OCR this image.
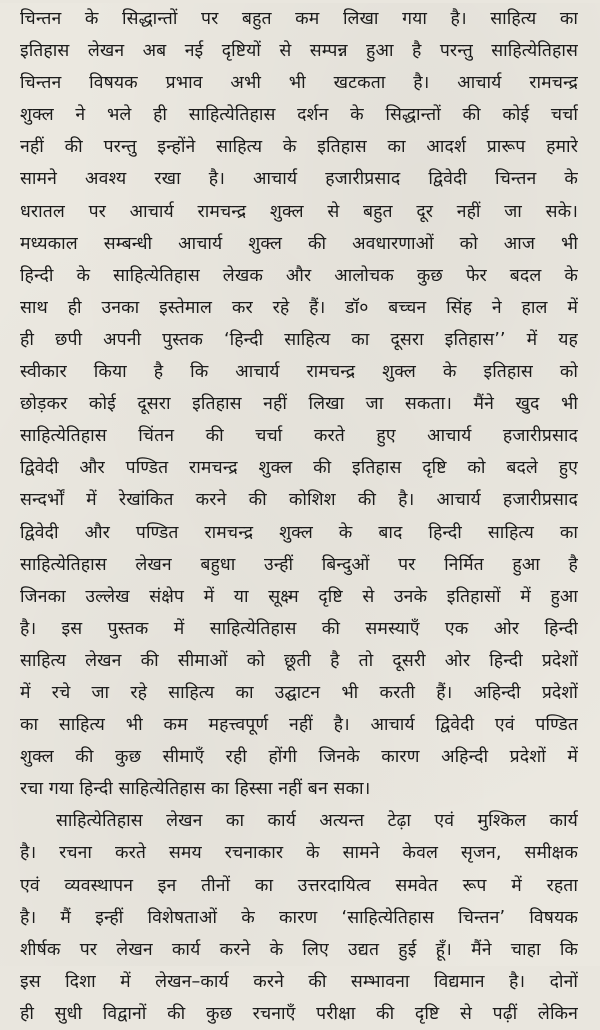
चिन्तन के सिद्धान्तों पर बहुत कम लिखा गया है। साहित्य का
इतिहास लेखन अब नई दृष्टियों से सम्पन्न हुआ है परन्तु साहित्येतिहास
चिन्तन विषयक प्रभाव अभी भी खटकता है। आचार्य रामचन्द्र
शुक्ल ने भले ही साहित्येतिहास दर्शन के सिद्धान्तों की कोई चर्चा
नहीं की परन्तु इन्होंने साहित्य के इतिहास का आदर्श प्रारूप हमारे
सामने अवश्य रखा है। आचार्य हजारीप्रसाद द्विवेदी चिन्तन के
धरातल पर आचार्य रामचन्द्र शुक्ल से बहुत दूर नहीं जा सके।
मध्यकाल सम्बन्धी आचार्य शुक्ल की अवधारणाओं को आज भी
हिन्दी के साहित्येतिहास लेखक और आलोचक कुछ फेर बदल के
साथ ही उनका इस्तेमाल कर रहे हैं। डॉ० बच्चन सिंह ने हाल में
ही छपी अपनी पुस्तक ‘हिन्दी साहित्य का दूसरा इतिहास’’ में यह
स्वीकार किया है कि आचार्य रामचन्द्र शुक्ल के इतिहास को
छोड़कर कोई दूसरा इतिहास नहीं लिखा जा सकता। मैंने खुद भी
साहित्येतिहास चिंतन की चर्चा करते हुए आचार्य हजारीप्रसाद
द्विवेदी और पण्डित रामचन्द्र शुक्ल की इतिहास दृष्टि को बदले हुए
सन्दर्भों में रेखांकित करने की कोशिश की है। आचार्य हजारीप्रसाद
द्विवेदी और पण्डित रामचन्द्र शुक्ल के बाद हिन्दी साहित्य का
साहित्येतिहास लेखन बहुधा उन्हीं बिन्दुओं पर निर्मित हुआ है
जिनका उल्लेख संक्षेप में या सूक्ष्म दृष्टि से उनके इतिहासों में हुआ
है। इस पुस्तक में साहित्येतिहास की समस्याएँ एक ओर हिन्दी
साहित्य लेखन की सीमाओं को छूती है तो दूसरी ओर हिन्दी प्रदेशों
में रचे जा रहे साहित्य का उद्घाटन भी करती हैं। अहिन्दी प्रदेशों
का साहित्य भी कम महत्त्वपूर्ण नहीं है। आचार्य द्विवेदी एवं पण्डित
शुक्ल की कुछ सीमाएँ रही होंगी जिनके कारण अहिन्दी प्रदेशों में
रचा गया हिन्दी साहित्येतिहास का हिस्सा नहीं बन सका।
साहित्येतिहास लेखन का कार्य अत्यन्त टेढ़ा एवं मुश्किल कार्य
है। रचना करते समय रचनाकार के सामने केवल सृजन, समीक्षक
एवं व्यवस्थापन इन तीनों का उत्तरदायित्व समवेत रूप में रहता
है। मैं इन्हीं विशेषताओं के कारण ‘साहित्येतिहास चिन्तन’ विषयक
शीर्षक पर लेखन कार्य करने के लिए उद्यत हुई हूँ। मैंने चाहा कि
इस दिशा में लेखन–कार्य करने की सम्भावना विद्यमान है। दोनों
ही सुधी विद्वानों की कुछ रचनाएँ परीक्षा की दृष्टि से पढ़ीं लेकिन
